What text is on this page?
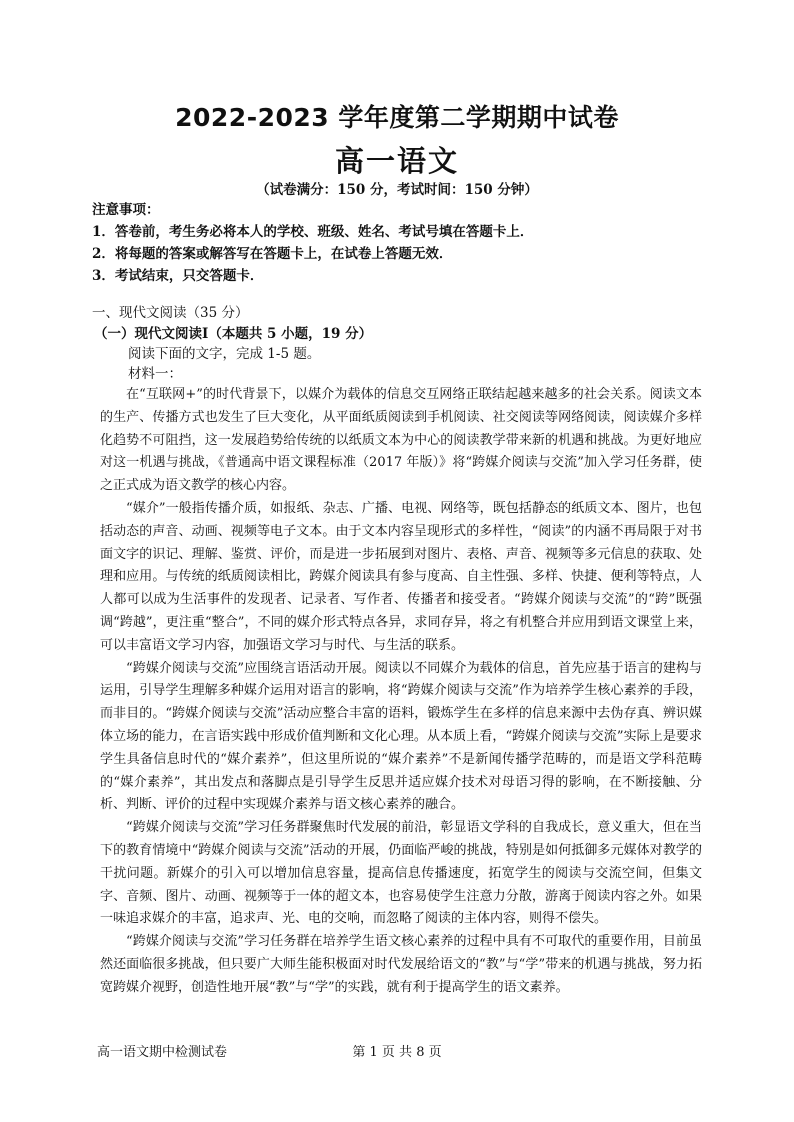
2022-2023 学年度第二学期期中试卷
高一语文
（试卷满分：150 分，考试时间：150 分钟）
注意事项：
1．答卷前，考生务必将本人的学校、班级、姓名、考试号填在答题卡上．
2．将每题的答案或解答写在答题卡上，在试卷上答题无效．
3．考试结束，只交答题卡．
一、现代文阅读（35 分）
（一）现代文阅读Ⅰ（本题共 5 小题，19 分）
阅读下面的文字，完成 1-5 题。
材料一：

在“互联网+”的时代背景下，以媒介为载体的信息交互网络正联结起越来越多的社会关系。阅读文本的生产、传播方式也发生了巨大变化，从平面纸质阅读到手机阅读、社交阅读等网络阅读，阅读媒介多样化趋势不可阻挡，这一发展趋势给传统的以纸质文本为中心的阅读教学带来新的机遇和挑战。为更好地应对这一机遇与挑战，《普通高中语文课程标准（2017 年版）》将“跨媒介阅读与交流”加入学习任务群，使之正式成为语文教学的核心内容。

“媒介”一般指传播介质，如报纸、杂志、广播、电视、网络等，既包括静态的纸质文本、图片，也包括动态的声音、动画、视频等电子文本。由于文本内容呈现形式的多样性，“阅读”的内涵不再局限于对书面文字的识记、理解、鉴赏、评价，而是进一步拓展到对图片、表格、声音、视频等多元信息的获取、处理和应用。与传统的纸质阅读相比，跨媒介阅读具有参与度高、自主性强、多样、快捷、便利等特点，人人都可以成为生活事件的发现者、记录者、写作者、传播者和接受者。“跨媒介阅读与交流”的“跨”既强调“跨越”，更注重“整合”，不同的媒介形式特点各异，求同存异，将之有机整合并应用到语文课堂上来，可以丰富语文学习内容，加强语文学习与时代、与生活的联系。

“跨媒介阅读与交流”应围绕言语活动开展。阅读以不同媒介为载体的信息，首先应基于语言的建构与运用，引导学生理解多种媒介运用对语言的影响，将“跨媒介阅读与交流”作为培养学生核心素养的手段，而非目的。“跨媒介阅读与交流”活动应整合丰富的语料，锻炼学生在多样的信息来源中去伪存真、辨识媒体立场的能力，在言语实践中形成价值判断和文化心理。从本质上看，“跨媒介阅读与交流”实际上是要求学生具备信息时代的“媒介素养”，但这里所说的“媒介素养”不是新闻传播学范畴的，而是语文学科范畴的“媒介素养”，其出发点和落脚点是引导学生反思并适应媒介技术对母语习得的影响，在不断接触、分析、判断、评价的过程中实现媒介素养与语文核心素养的融合。

“跨媒介阅读与交流”学习任务群聚焦时代发展的前沿，彰显语文学科的自我成长，意义重大，但在当下的教育情境中“跨媒介阅读与交流”活动的开展，仍面临严峻的挑战，特别是如何抵御多元媒体对教学的干扰问题。新媒介的引入可以增加信息容量，提高信息传播速度，拓宽学生的阅读与交流空间，但集文字、音频、图片、动画、视频等于一体的超文本，也容易使学生注意力分散，游离于阅读内容之外。如果一味追求媒介的丰富，追求声、光、电的交响，而忽略了阅读的主体内容，则得不偿失。

“跨媒介阅读与交流”学习任务群在培养学生语文核心素养的过程中具有不可取代的重要作用，目前虽然还面临很多挑战，但只要广大师生能积极面对时代发展给语文的“教”与“学”带来的机遇与挑战，努力拓宽跨媒介视野，创造性地开展“教”与“学”的实践，就有利于提高学生的语文素养。

高一语文期中检测试卷	第 1 页 共 8 页
